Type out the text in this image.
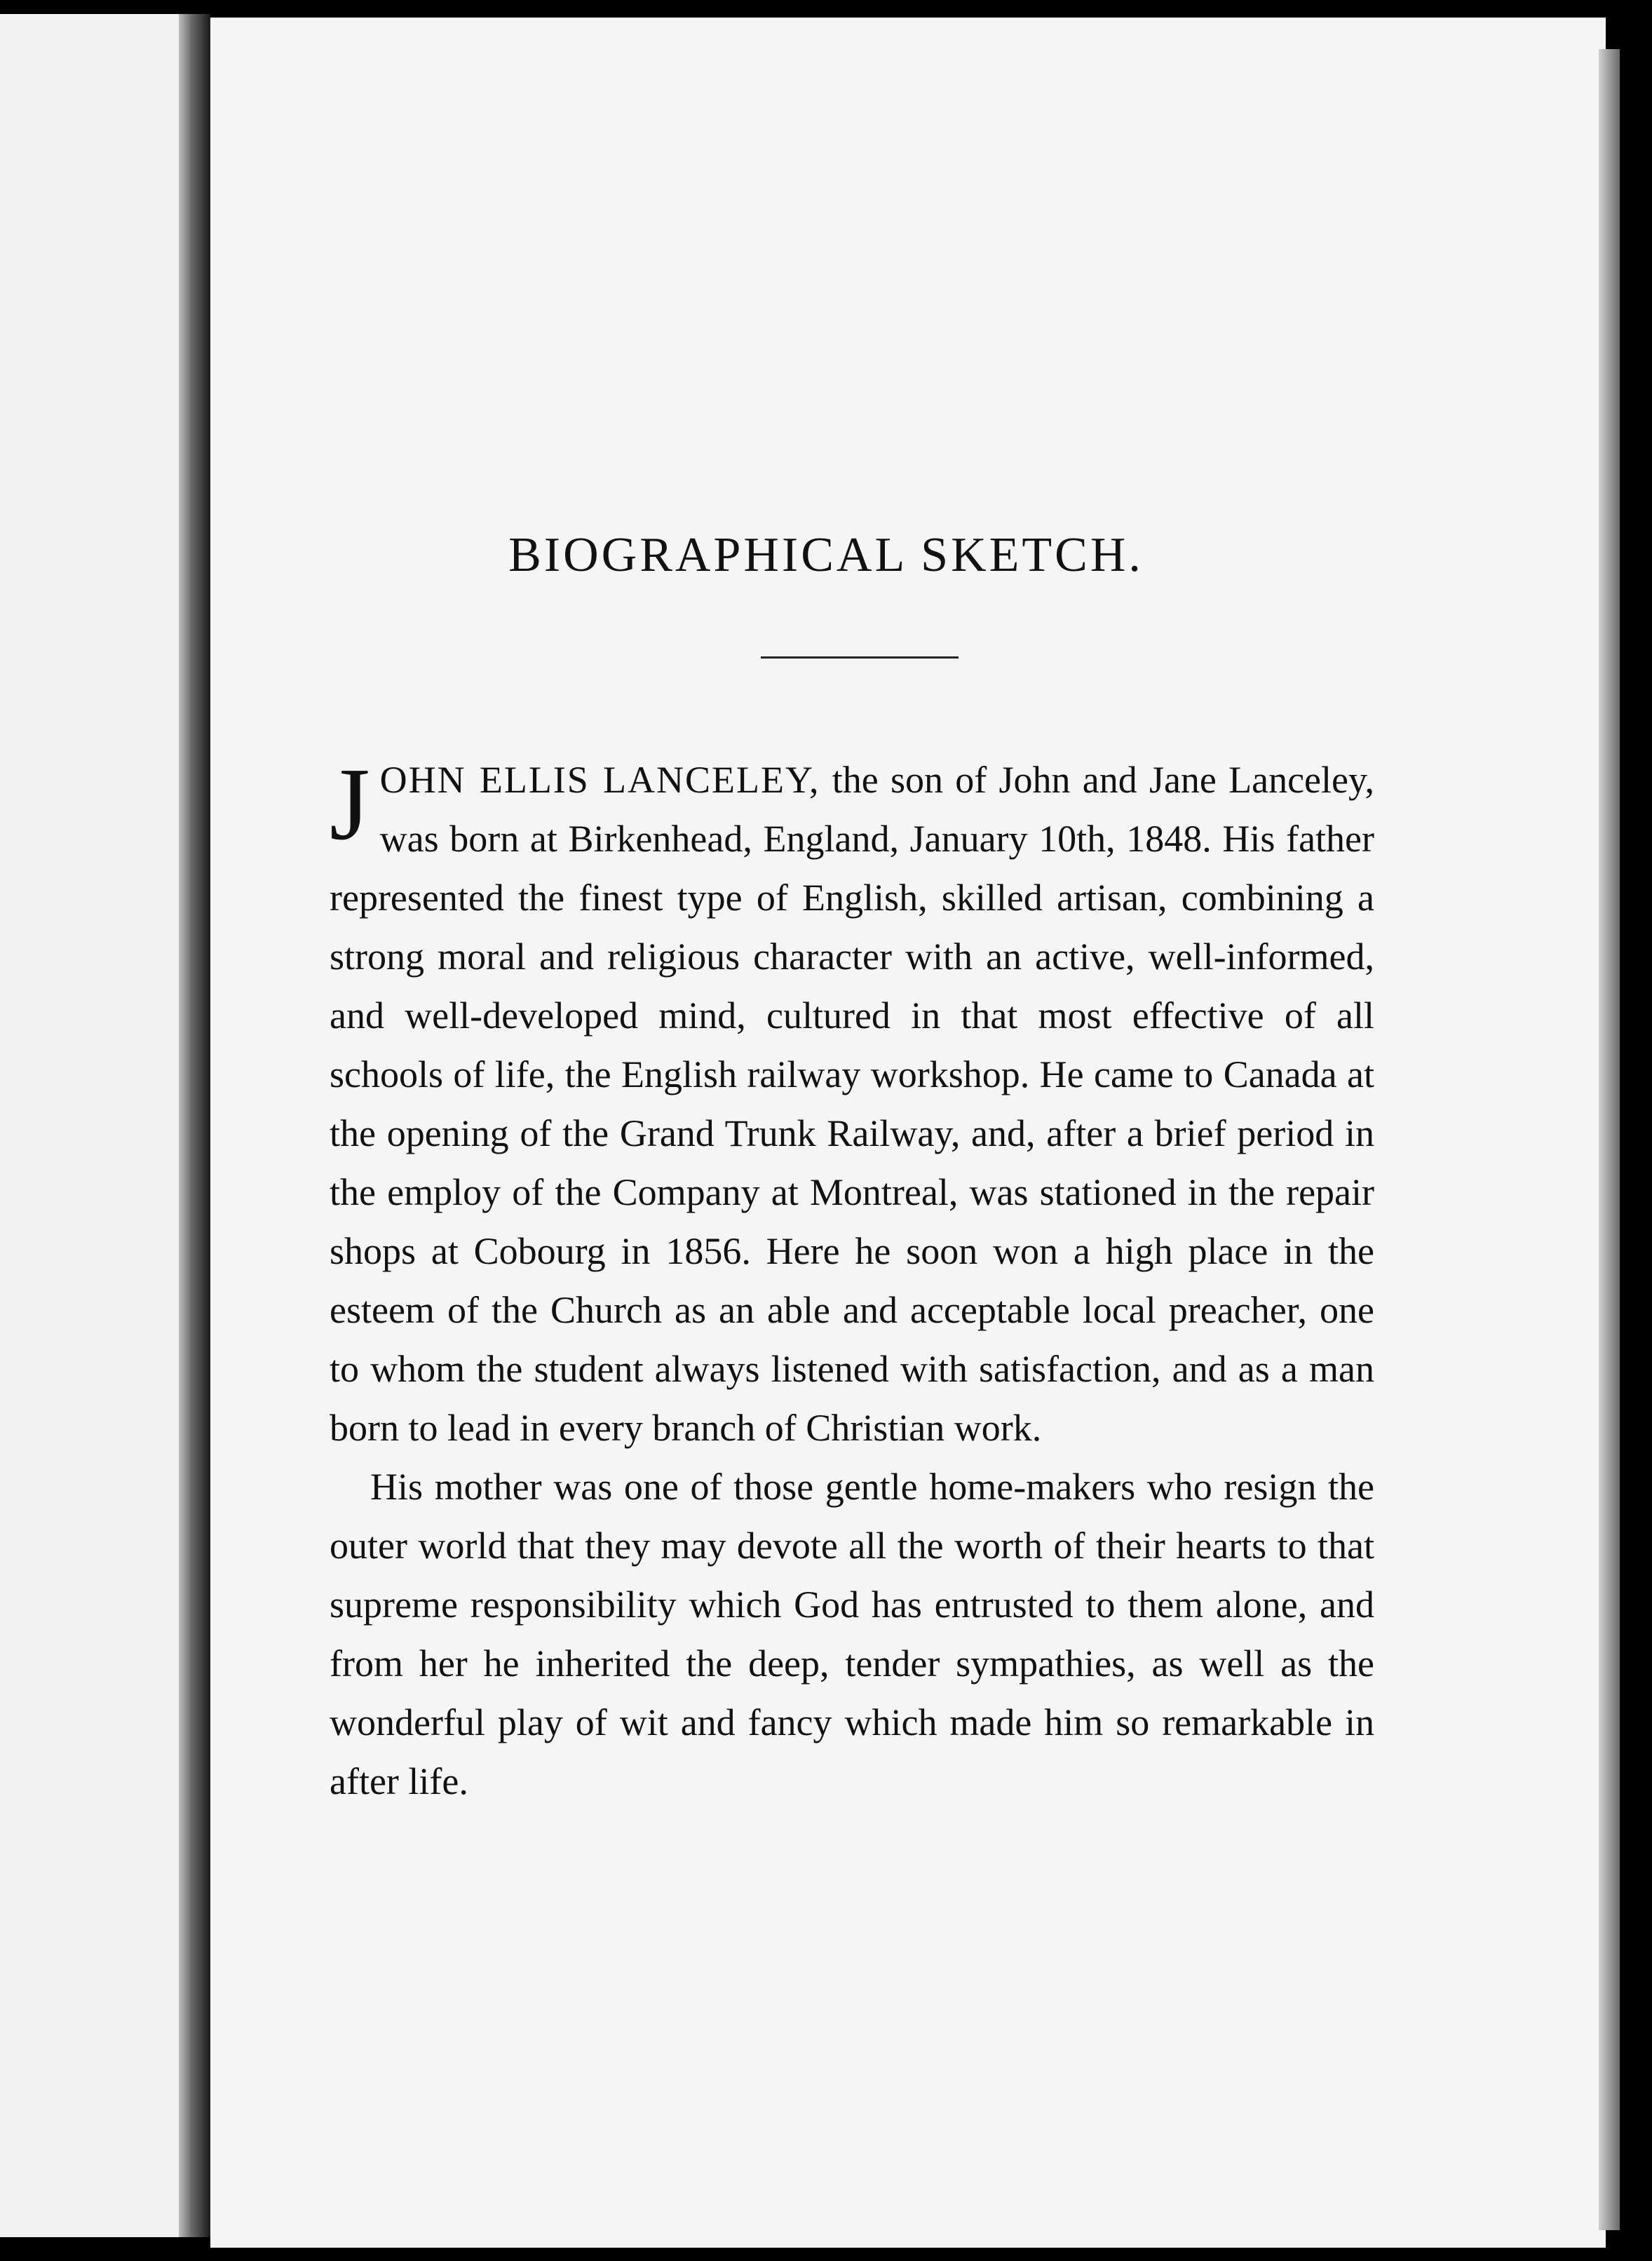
BIOGRAPHICAL SKETCH.

JOHN ELLIS LANCELEY, the son of John and Jane Lanceley, was born at Birkenhead, England, January 10th, 1848. His father represented the finest type of English, skilled artisan, combining a strong moral and religious character with an active, well-informed, and well-developed mind, cultured in that most effective of all schools of life, the English railway workshop. He came to Canada at the opening of the Grand Trunk Railway, and, after a brief period in the employ of the Company at Montreal, was stationed in the repair shops at Cobourg in 1856. Here he soon won a high place in the esteem of the Church as an able and acceptable local preacher, one to whom the student always listened with satisfaction, and as a man born to lead in every branch of Christian work.

His mother was one of those gentle home-makers who resign the outer world that they may devote all the worth of their hearts to that supreme responsibility which God has entrusted to them alone, and from her he inherited the deep, tender sympathies, as well as the wonderful play of wit and fancy which made him so remarkable in after life.
